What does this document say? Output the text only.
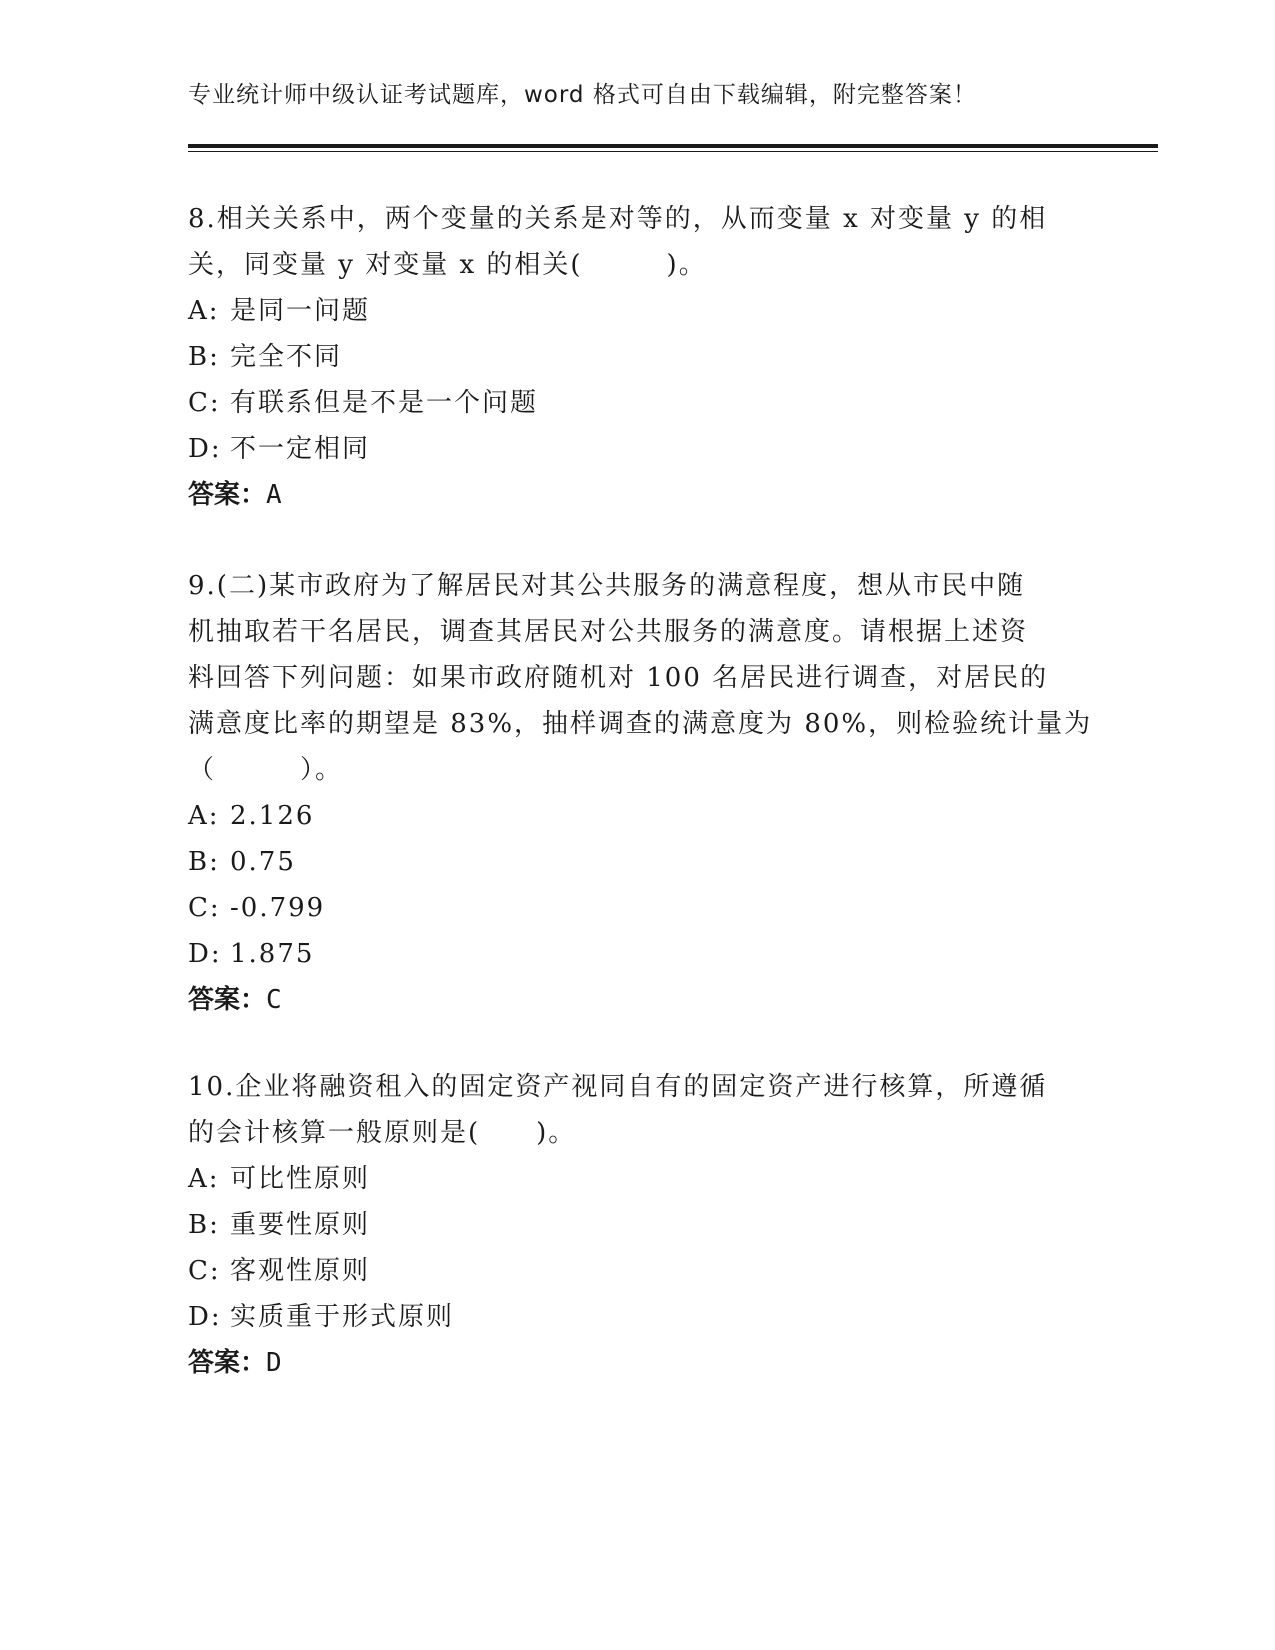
专业统计师中级认证考试题库，word 格式可自由下载编辑，附完整答案！
8.相关关系中，两个变量的关系是对等的，从而变量 x 对变量 y 的相
关，同变量 y 对变量 x 的相关(　　　)。
A: 是同一问题
B: 完全不同
C: 有联系但是不是一个问题
D: 不一定相同
答案：A
9.(二)某市政府为了解居民对其公共服务的满意程度，想从市民中随
机抽取若干名居民，调查其居民对公共服务的满意度。请根据上述资
料回答下列问题：如果市政府随机对 100 名居民进行调查，对居民的
满意度比率的期望是 83%，抽样调查的满意度为 80%，则检验统计量为
（　　　）。
A: 2.126
B: 0.75
C: -0.799
D: 1.875
答案：C
10.企业将融资租入的固定资产视同自有的固定资产进行核算，所遵循
的会计核算一般原则是(　　)。
A: 可比性原则
B: 重要性原则
C: 客观性原则
D: 实质重于形式原则
答案：D
